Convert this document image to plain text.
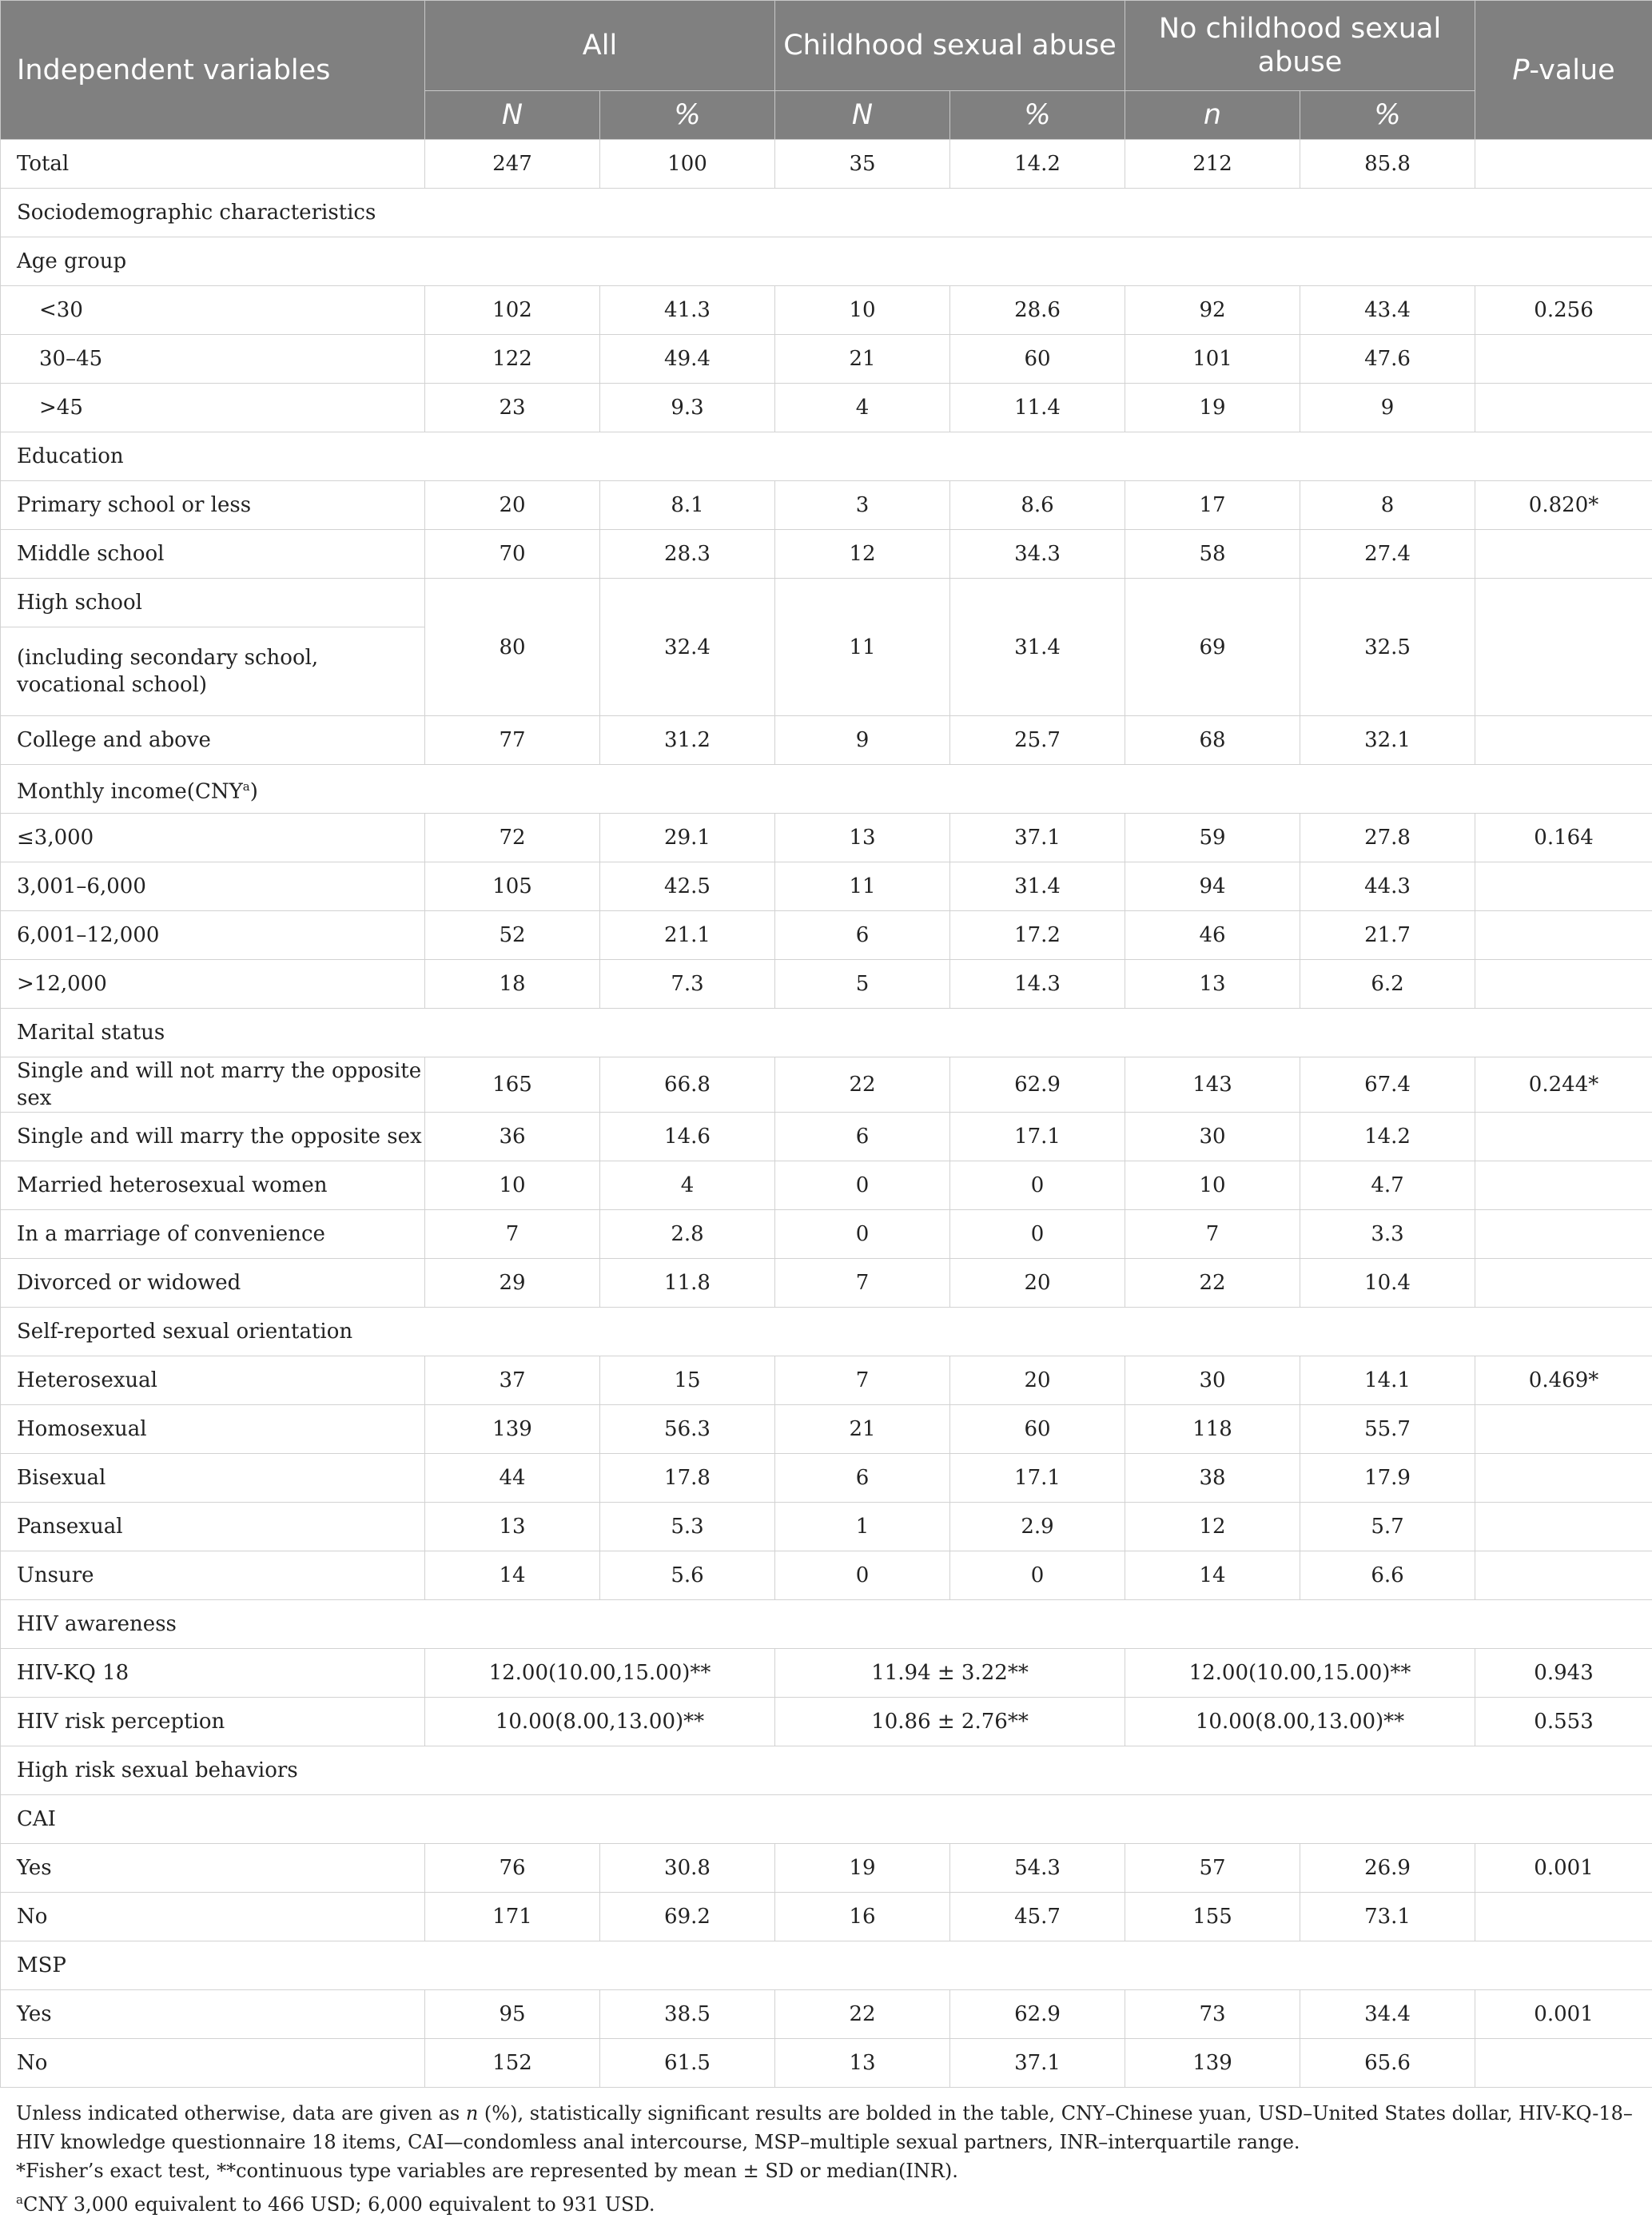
Independent variables	All		Childhood sexual abuse		No childhood sexual abuse		P-value
	N	%	N	%	n	%	
Total	247	100	35	14.2	212	85.8	
Sociodemographic characteristics							
Age group							
<30	102	41.3	10	28.6	92	43.4	0.256
30–45	122	49.4	21	60	101	47.6	
>45	23	9.3	4	11.4	19	9	
Education							
Primary school or less	20	8.1	3	8.6	17	8	0.820*
Middle school	70	28.3	12	34.3	58	27.4	
High school	80	32.4	11	31.4	69	32.5	
(including secondary school, vocational school)							
College and above	77	31.2	9	25.7	68	32.1	
Monthly income(CNY$^a$)							
≤3,000	72	29.1	13	37.1	59	27.8	0.164
3,001–6,000	105	42.5	11	31.4	94	44.3	
6,001–12,000	52	21.1	6	17.2	46	21.7	
>12,000	18	7.3	5	14.3	13	6.2	
Marital status							
Single and will not marry the opposite sex	165	66.8	22	62.9	143	67.4	0.244*
Single and will marry the opposite sex	36	14.6	6	17.1	30	14.2	
Married heterosexual women	10	4	0	0	10	4.7	
In a marriage of convenience	7	2.8	0	0	7	3.3	
Divorced or widowed	29	11.8	7	20	22	10.4	
Self-reported sexual orientation							
Heterosexual	37	15	7	20	30	14.1	0.469*
Homosexual	139	56.3	21	60	118	55.7	
Bisexual	44	17.8	6	17.1	38	17.9	
Pansexual	13	5.3	1	2.9	12	5.7	
Unsure	14	5.6	0	0	14	6.6	
HIV awareness							
HIV-KQ 18	12.00(10.00,15.00)**		11.94 ± 3.22**		12.00(10.00,15.00)**		0.943
HIV risk perception	10.00(8.00,13.00)**		10.86 ± 2.76**		10.00(8.00,13.00)**		0.553
High risk sexual behaviors							
CAI							
Yes	76	30.8	19	54.3	57	26.9	0.001
No	171	69.2	16	45.7	155	73.1	
MSP							
Yes	95	38.5	22	62.9	73	34.4	0.001
No	152	61.5	13	37.1	139	65.6	

Unless indicated otherwise, data are given as n (%), statistically significant results are bolded in the table, CNY–Chinese yuan, USD–United States dollar, HIV-KQ-18–HIV knowledge questionnaire 18 items, CAI—condomless anal intercourse, MSP–multiple sexual partners, INR–interquartile range.

*Fisher’s exact test, **continuous type variables are represented by mean ± SD or median(INR).

$^a$CNY 3,000 equivalent to 466 USD; 6,000 equivalent to 931 USD.
